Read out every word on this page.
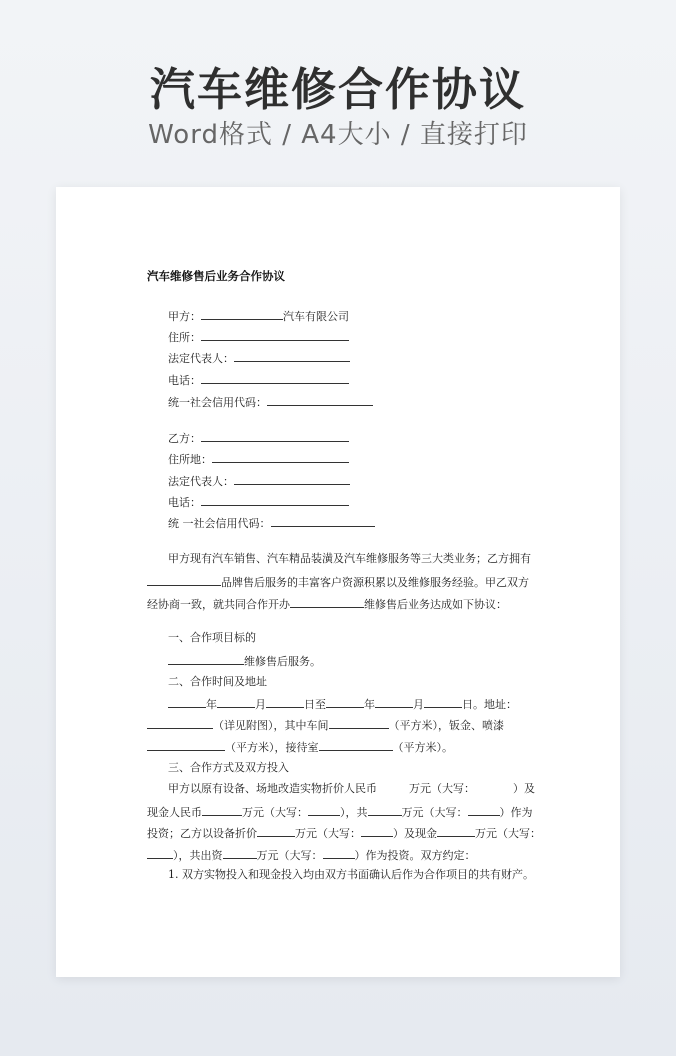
汽车维修合作协议
Word格式 / A4大小 / 直接打印
汽车维修售后业务合作协议
甲方：	汽车有限公司
住所：
法定代表人：
电话：
统一社会信用代码：
乙方：
住所地：
法定代表人：
电话：
统 一社会信用代码：
甲方现有汽车销售、汽车精品装潢及汽车维修服务等三大类业务；乙方拥有
品牌售后服务的丰富客户资源积累以及维修服务经验。甲乙双方
经协商一致，就共同合作开办	维修售后业务达成如下协议：
一、合作项目标的
维修售后服务。
二、合作时间及地址
年	月	日至	年	月	日。地址：
（详见附图），其中车间	（平方米），钣金、喷漆
（平方米），接待室	（平方米）。
三、合作方式及双方投入
甲方以原有设备、场地改造实物折价人民币	万元（大写：	）及
现金人民币	万元（大写：	），共	万元（大写：	）作为
投资；乙方以设备折价	万元（大写：	）及现金	万元（大写：
），共出资	万元（大写：	）作为投资。双方约定：
1. 双方实物投入和现金投入均由双方书面确认后作为合作项目的共有财产。
